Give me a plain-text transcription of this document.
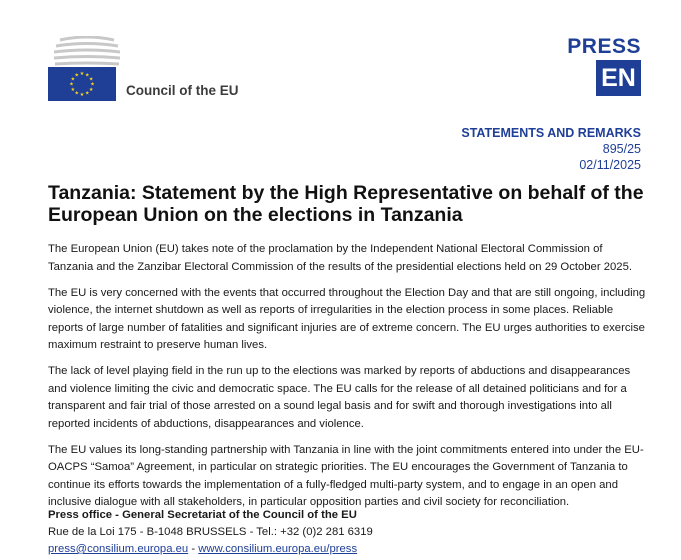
★ ★
★
★
★
★
★
★
★
★
★
★
Council of the EU
PRESS
EN
STATEMENTS AND REMARKS
895/25
02/11/2025
Tanzania: Statement by the High Representative on behalf of the European Union on the elections in Tanzania

The European Union (EU) takes note of the proclamation by the Independent National Electoral Commission of Tanzania and the Zanzibar Electoral Commission of the results of the presidential elections held on 29 October 2025.

The EU is very concerned with the events that occurred throughout the Election Day and that are still ongoing, including violence, the internet shutdown as well as reports of irregularities in the election process in some places. Reliable reports of large number of fatalities and significant injuries are of extreme concern. The EU urges authorities to exercise maximum restraint to preserve human lives.

The lack of level playing field in the run up to the elections was marked by reports of abductions and disappearances and violence limiting the civic and democratic space. The EU calls for the release of all detained politicians and for a transparent and fair trial of those arrested on a sound legal basis and for swift and thorough investigations into all reported incidents of abductions, disappearances and violence.

The EU values its long-standing partnership with Tanzania in line with the joint commitments entered into under the EU-OACPS “Samoa” Agreement, in particular on strategic priorities. The EU encourages the Government of Tanzania to continue its efforts towards the implementation of a fully-fledged multi-party system, and to engage in an open and inclusive dialogue with all stakeholders, in particular opposition parties and civil society for reconciliation.

Press office - General Secretariat of the Council of the EU
Rue de la Loi 175 - B-1048 BRUSSELS - Tel.: +32 (0)2 281 6319
press@consilium.europa.eu - www.consilium.europa.eu/press
